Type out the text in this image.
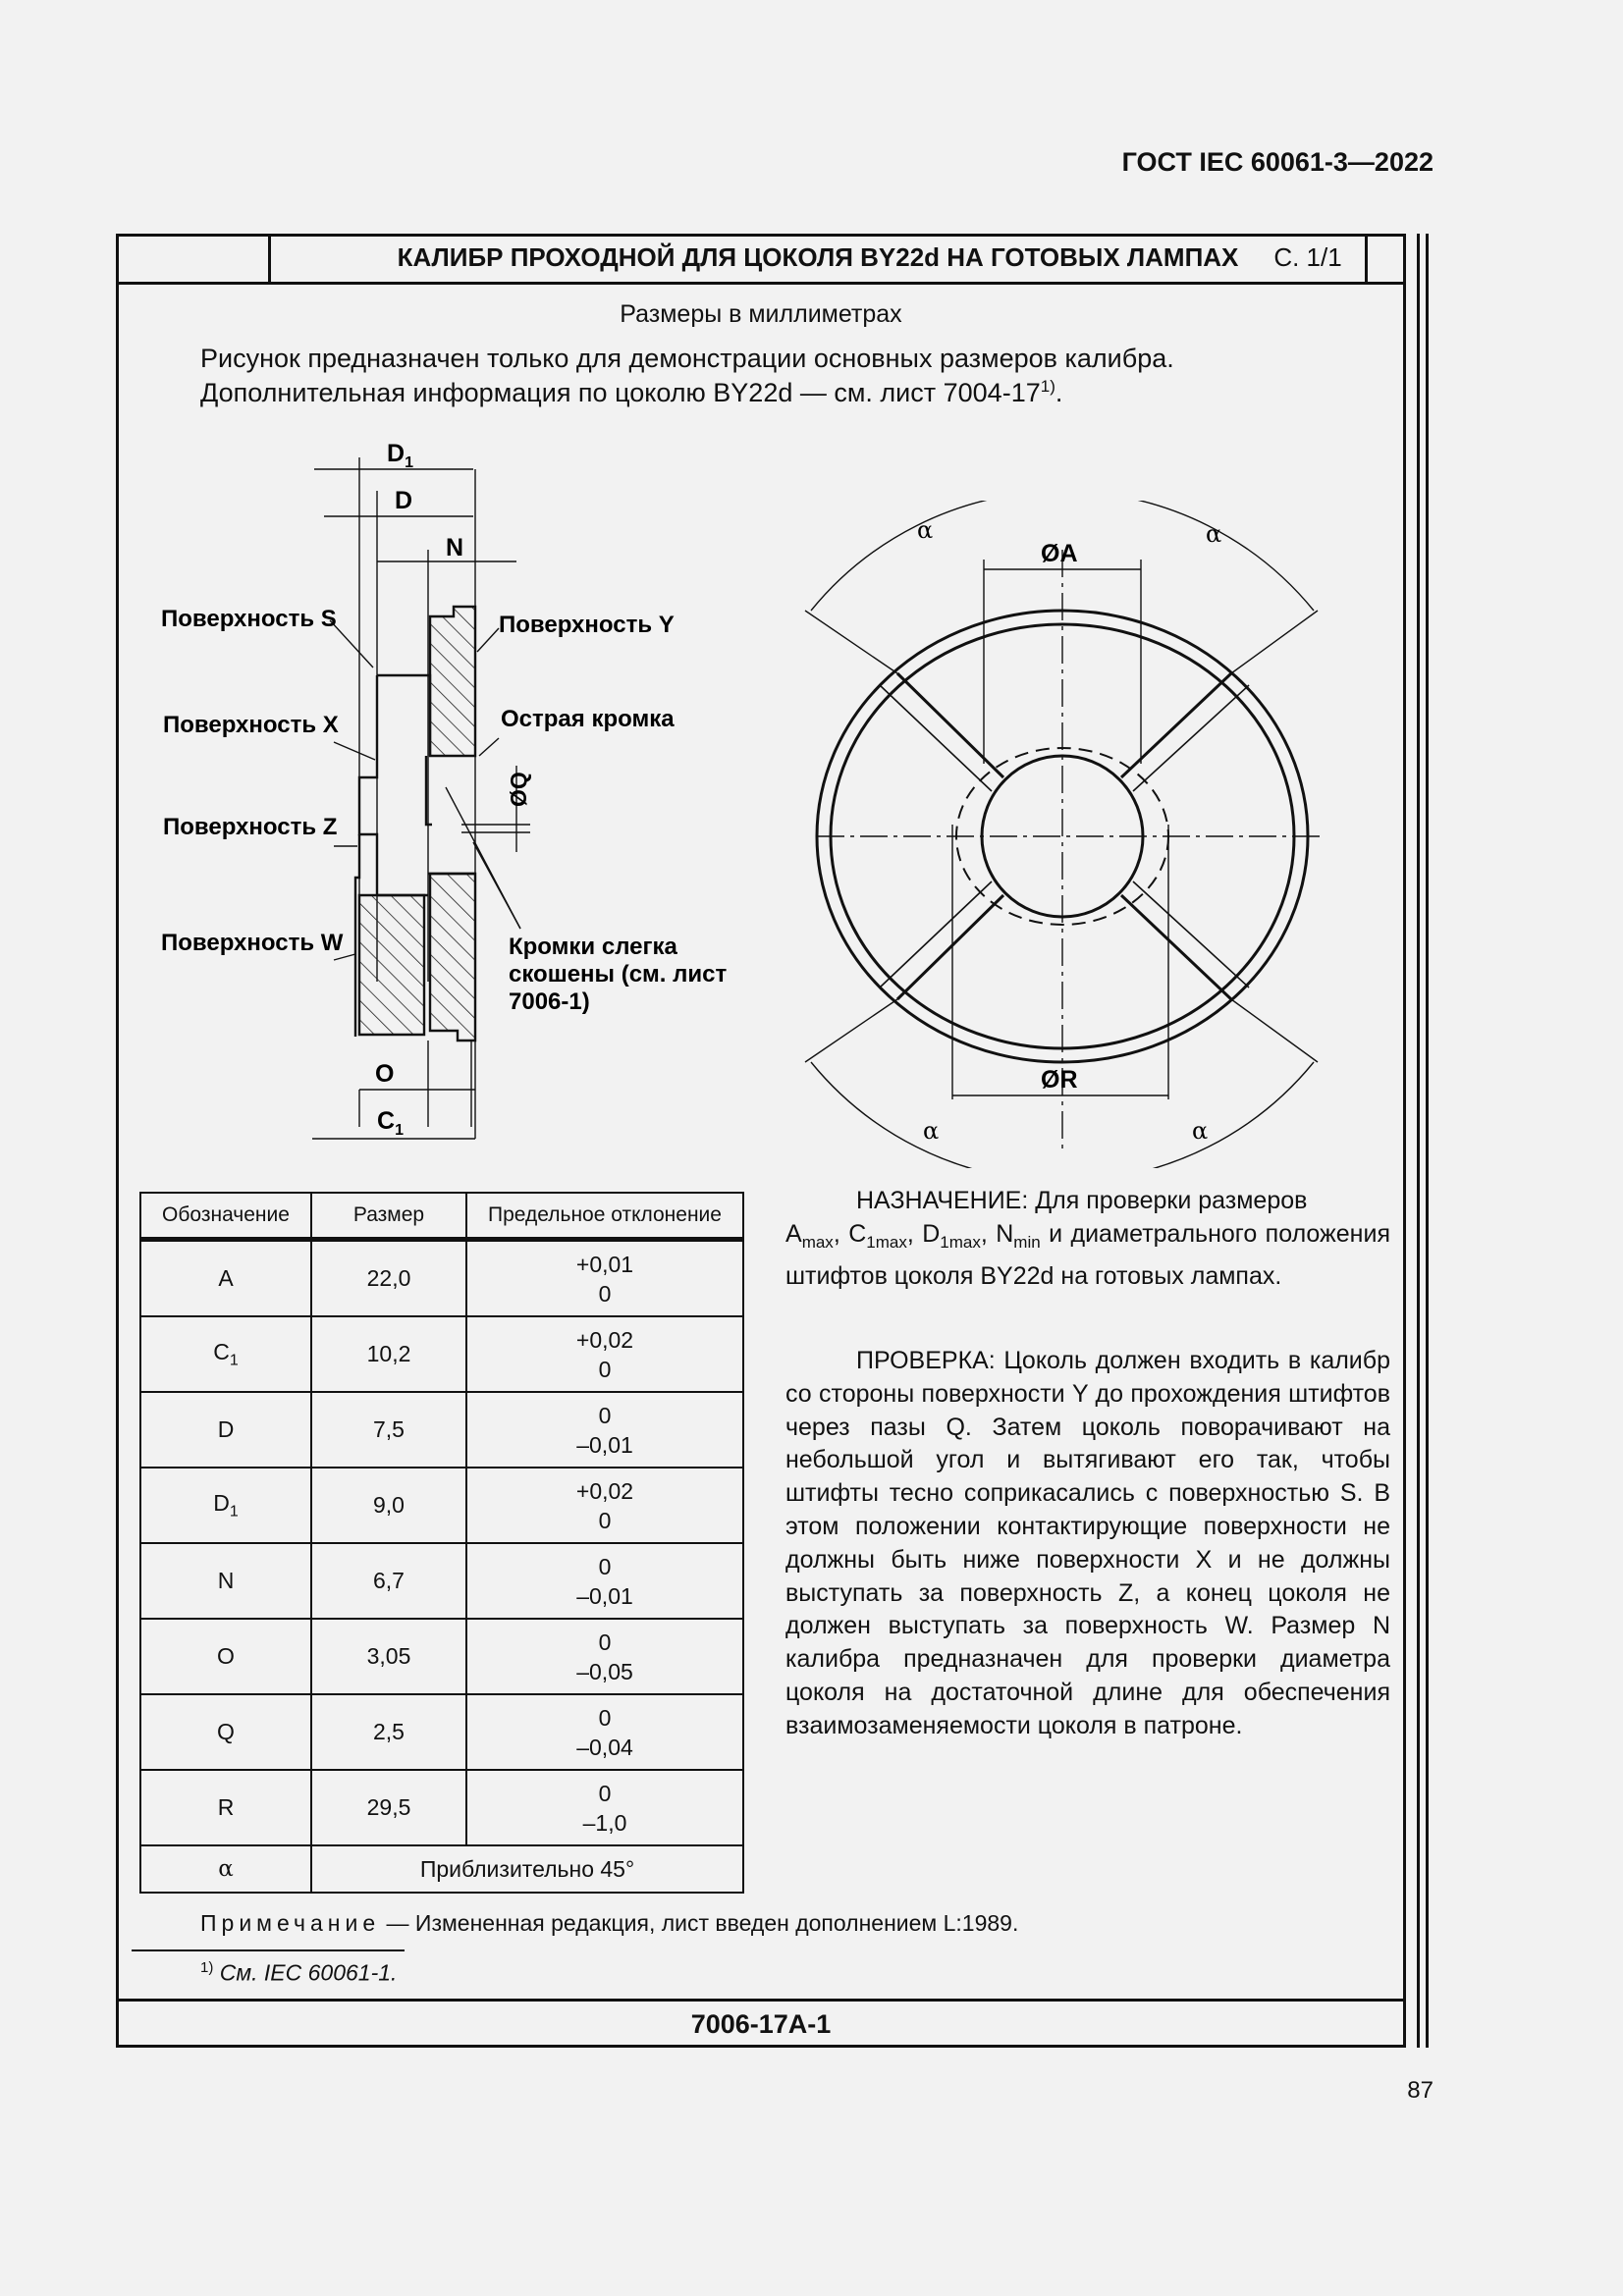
ГОСТ IEC 60061-3—2022
КАЛИБР ПРОХОДНОЙ ДЛЯ ЦОКОЛЯ BY22d НА ГОТОВЫХ ЛАМПАХ	С. 1/1
Размеры в миллиметрах
Рисунок предназначен только для демонстрации основных размеров калибра.
Дополнительная информация по цоколю BY22d — см. лист 7004-17$^{1)}$.
$D_1$
D
N
Поверхность S	Поверхность Y
Поверхность X	Острая кромка
ØQ
Поверхность Z
Поверхность W	Кромки слегка
скошены (см. лист
7006-1)
O
$C_1$
ØA
ØR
α	α
α	α
Обозначение	Размер	Предельное отклонение
A	22,0	+0,01
0

$C_1$	10,2	+0,02
0

D	7,5	0
–0,01

$D_1$	9,0	+0,02
0

N	6,7	0
–0,01

O	3,05	0
–0,05

Q	2,5	0
–0,04

R	29,5	0
–1,0

α	Приблизительно 45°	
НАЗНАЧЕНИЕ: Для проверки размеров
$A_{max}$, $C_{1max}$, $D_{1max}$, $N_{min}$ и диаметрального положения штифтов цоколя BY22d на готовых лампах.
ПРОВЕРКА: Цоколь должен входить в калибр со стороны поверхности Y до прохождения штифтов через пазы Q. Затем цоколь поворачивают на небольшой угол и вытягивают его так, чтобы штифты тесно соприкасались с поверхностью S. В этом положении контактирующие поверхности не должны быть ниже поверхности X и не должны выступать за поверхность Z, а конец цоколя не должен выступать за поверхность W. Размер N калибра предназначен для проверки диаметра цоколя на достаточной длине для обеспечения взаимозаменяемости цоколя в патроне.
Примечание — Измененная редакция, лист введен дополнением L:1989.
$^{1)}$ См. IEC 60061-1.
7006-17А-1
87
